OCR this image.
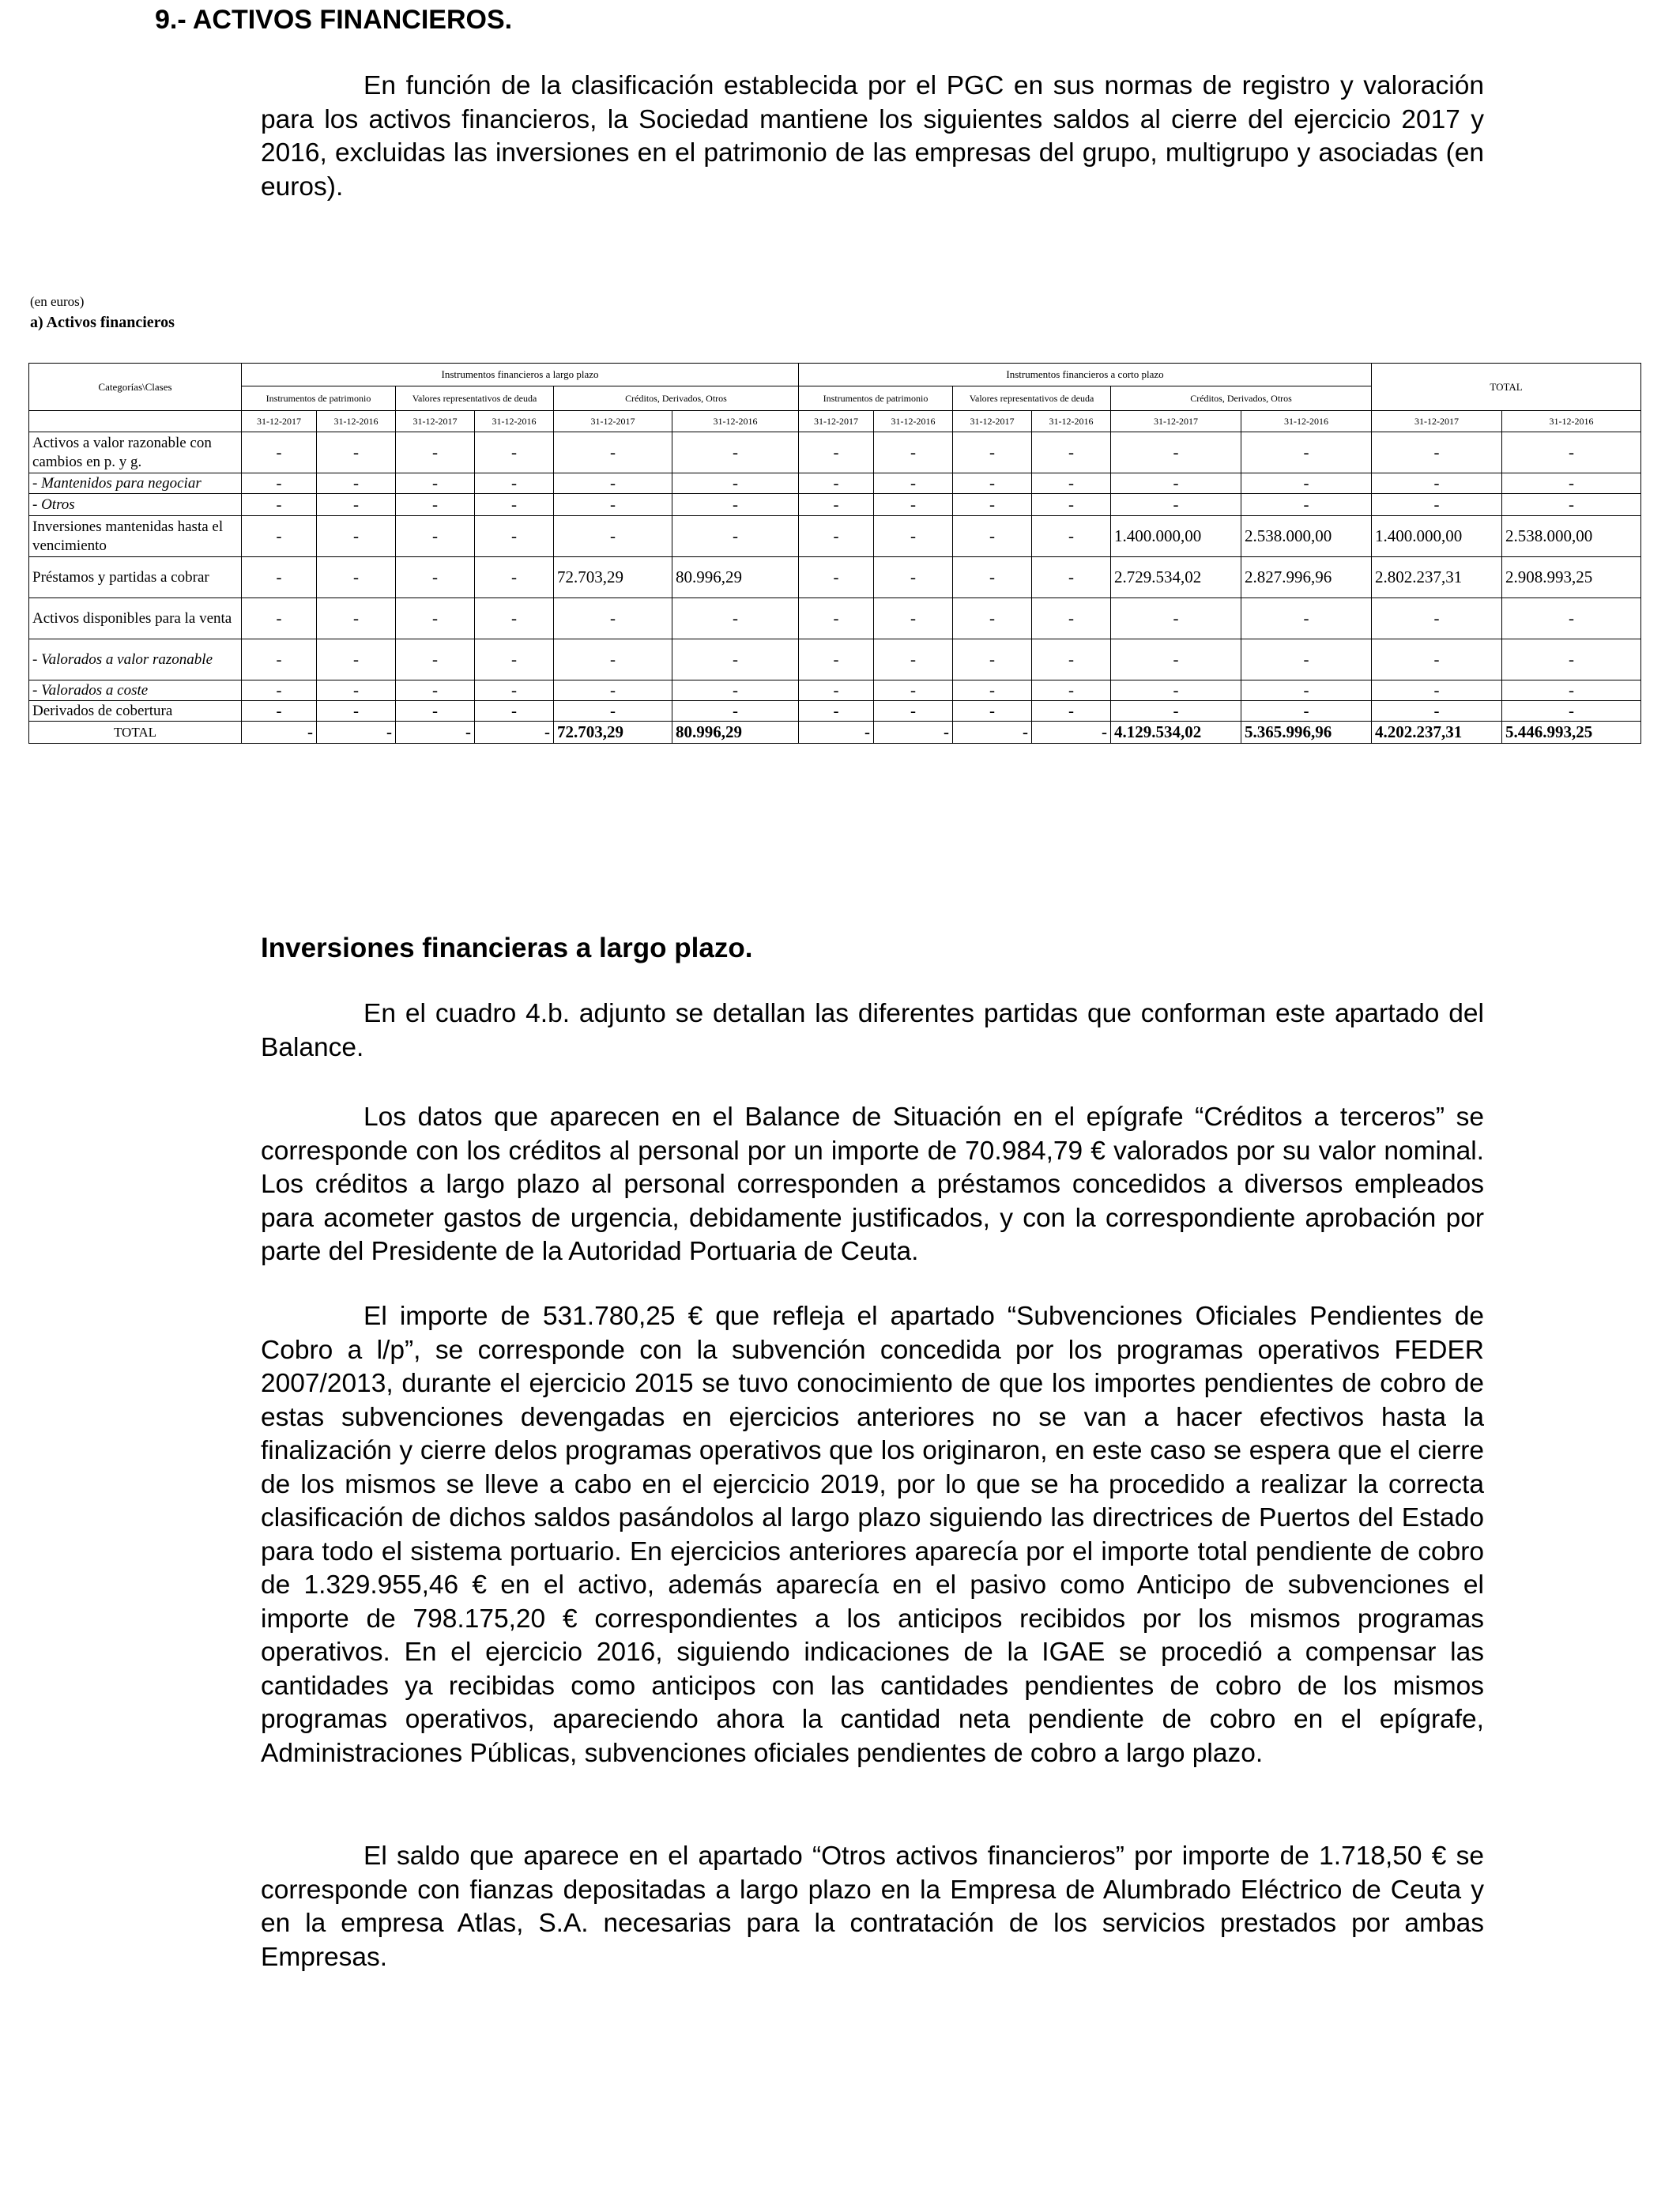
9.- ACTIVOS FINANCIEROS.
En función de la clasificación establecida por el PGC en sus normas de registro y valoración para los activos financieros, la Sociedad mantiene los siguientes saldos al cierre del ejercicio 2017 y 2016, excluidas las inversiones en el patrimonio de las empresas del grupo, multigrupo y asociadas (en euros).
(en euros)
a) Activos financieros
Categorías\Clases	Instrumentos financieros a largo plazo						Instrumentos financieros a corto plazo						TOTAL	
	Instrumentos de patrimonio		Valores representativos de deuda		Créditos, Derivados, Otros		Instrumentos de patrimonio		Valores representativos de deuda		Créditos, Derivados, Otros			
	31-12-2017	31-12-2016	31-12-2017	31-12-2016	31-12-2017	31-12-2016	31-12-2017	31-12-2016	31-12-2017	31-12-2016	31-12-2017	31-12-2016	31-12-2017	31-12-2016
Activos a valor razonable con cambios en p. y g.	-	-	-	-	-	-	-	-	-	-	-	-	-	-
- Mantenidos para negociar	-	-	-	-	-	-	-	-	-	-	-	-	-	-
- Otros	-	-	-	-	-	-	-	-	-	-	-	-	-	-
Inversiones mantenidas hasta el vencimiento	-	-	-	-	-	-	-	-	-	-	1.400.000,00	2.538.000,00	1.400.000,00	2.538.000,00
Préstamos y partidas a cobrar	-	-	-	-	72.703,29	80.996,29	-	-	-	-	2.729.534,02	2.827.996,96	2.802.237,31	2.908.993,25
Activos disponibles para la venta	-	-	-	-	-	-	-	-	-	-	-	-	-	-
- Valorados a valor razonable	-	-	-	-	-	-	-	-	-	-	-	-	-	-
- Valorados a coste	-	-	-	-	-	-	-	-	-	-	-	-	-	-
Derivados de cobertura	-	-	-	-	-	-	-	-	-	-	-	-	-	-
TOTAL	-	-	-	-	72.703,29	80.996,29	-	-	-	-	4.129.534,02	5.365.996,96	4.202.237,31	5.446.993,25
Inversiones financieras a largo plazo.
En el cuadro 4.b. adjunto se detallan las diferentes partidas que conforman este apartado del Balance.
Los datos que aparecen en el Balance de Situación en el epígrafe “Créditos a terceros” se corresponde con los créditos al personal por un importe de 70.984,79 € valorados por su valor nominal. Los créditos a largo plazo al personal corresponden a préstamos concedidos a diversos empleados para acometer gastos de urgencia, debidamente justificados, y con la correspondiente aprobación por parte del Presidente de la Autoridad Portuaria de Ceuta.
El importe de 531.780,25 € que refleja el apartado “Subvenciones Oficiales Pendientes de Cobro a l/p”, se corresponde con la subvención concedida por los programas operativos FEDER 2007/2013, durante el ejercicio 2015 se tuvo conocimiento de que los importes pendientes de cobro de estas subvenciones devengadas en ejercicios anteriores no se van a hacer efectivos hasta la finalización y cierre delos programas operativos que los originaron, en este caso se espera que el cierre de los mismos se lleve a cabo en el ejercicio 2019, por lo que se ha procedido a realizar la correcta clasificación de dichos saldos pasándolos al largo plazo siguiendo las directrices de Puertos del Estado para todo el sistema portuario. En ejercicios anteriores aparecía por el importe total pendiente de cobro de 1.329.955,46 € en el activo, además aparecía en el pasivo como Anticipo de subvenciones el importe de 798.175,20 € correspondientes a los anticipos recibidos por los mismos programas operativos. En el ejercicio 2016, siguiendo indicaciones de la IGAE se procedió a compensar las cantidades ya recibidas como anticipos con las cantidades pendientes de cobro de los mismos programas operativos, apareciendo ahora la cantidad neta pendiente de cobro en el epígrafe, Administraciones Públicas, subvenciones oficiales pendientes de cobro a largo plazo.
El saldo que aparece en el apartado “Otros activos financieros” por importe de 1.718,50 € se corresponde con fianzas depositadas a largo plazo en la Empresa de Alumbrado Eléctrico de Ceuta y en la empresa Atlas, S.A. necesarias para la contratación de los servicios prestados por ambas Empresas.
